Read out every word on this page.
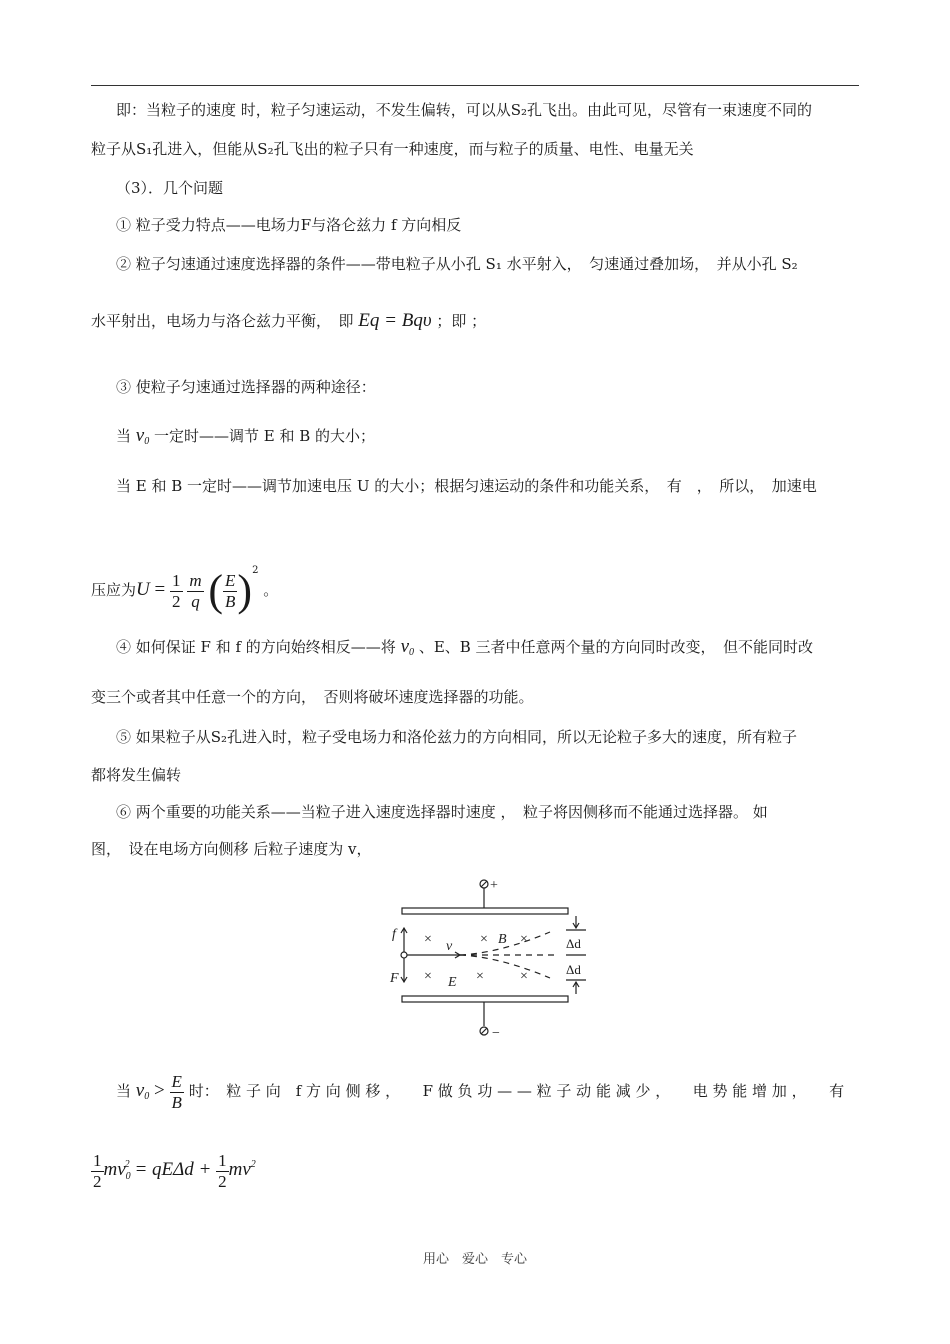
即：当粒子的速度 时，粒子匀速运动，不发生偏转，可以从S₂孔飞出。由此可见，尽管有一束速度不同的
粒子从S₁孔进入，但能从S₂孔飞出的粒子只有一种速度，而与粒子的质量、电性、电量无关
（3）．几个问题
① 粒子受力特点——电场力F与洛仑兹力 f 方向相反
② 粒子匀速通过速度选择器的条件——带电粒子从小孔 S₁ 水平射入，　匀速通过叠加场，　并从小孔 S₂
水平射出，电场力与洛仑兹力平衡，　即 Eq = Bqυ ；即 ；
③ 使粒子匀速通过选择器的两种途径：
当 $v_0$ 一定时——调节 E 和 B 的大小；
当 E 和 B 一定时——调节加速电压 U 的大小；根据匀速运动的条件和功能关系，　有　，　所以，　加速电
压应为$U = \frac{1}{2}$
$\frac{m}{q}$ ( $\frac{E}{B} )^2$ 。
④ 如何保证 F 和 f 的方向始终相反——将 $v_0$ 、E、B 三者中任意两个量的方向同时改变，　但不能同时改
变三个或者其中任意一个的方向，　否则将破坏速度选择器的功能。
⑤ 如果粒子从S₂孔进入时，粒子受电场力和洛伦兹力的方向相同，所以无论粒子多大的速度，所有粒子
都将发生偏转
⑥ 两个重要的功能关系——当粒子进入速度选择器时速度 ，　粒子将因侧移而不能通过选择器。 如
图，　设在电场方向侧移 后粒子速度为 v，
+
−
f
F
v	B
E
Δd
Δd
×	× ×
×	×	×
当 $v_0 > \frac{E}{B}$ 时：　粒 子 向　f 方 向 侧 移 ，　　F 做 负 功 — — 粒 子 动 能 减 少 ，　　电 势 能 增 加 ，　　有
$\frac{1}{2} mv_0^2 = qE\Delta d + \frac{1}{2} mv^2$
用心　爱心　专心
